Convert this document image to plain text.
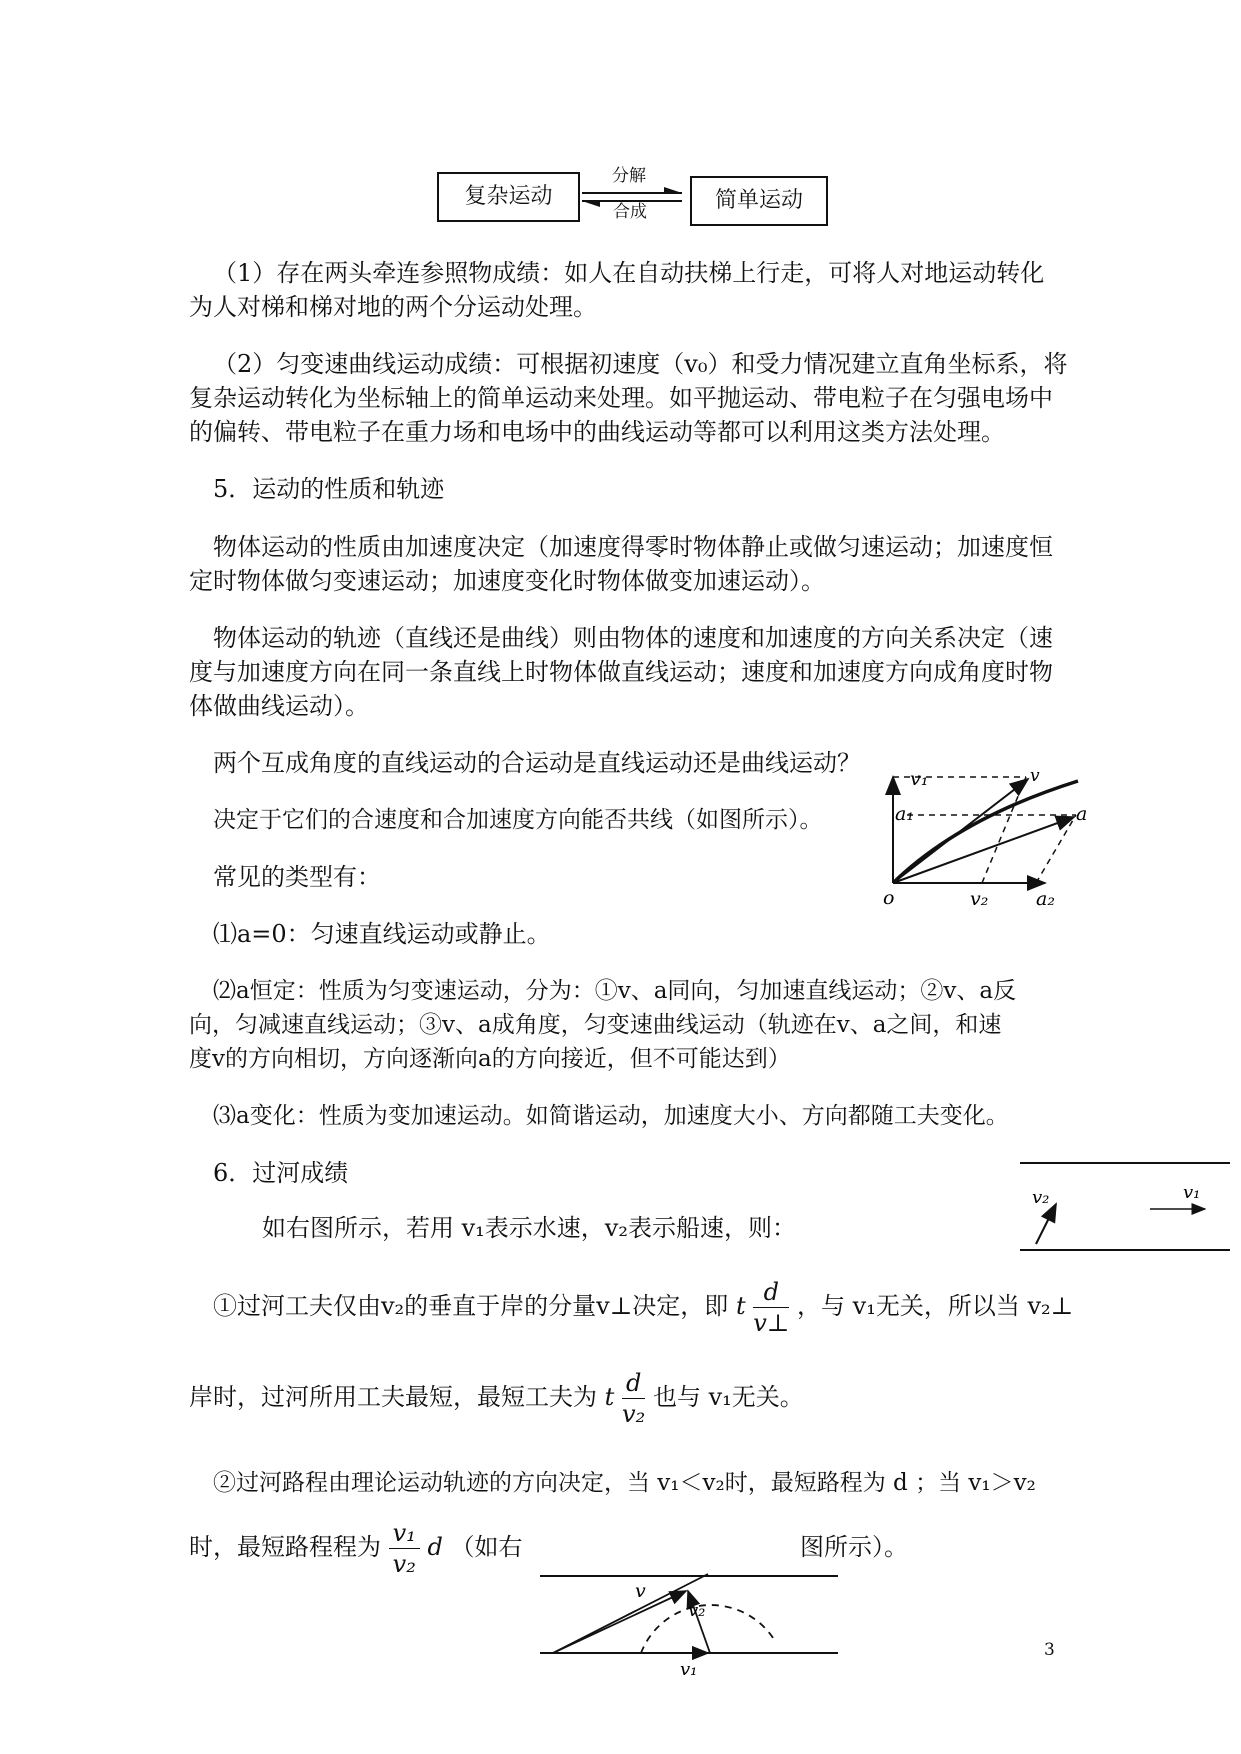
复杂运动	简单运动
分解
合成
（1）存在两头牵连参照物成绩：如人在自动扶梯上行走，可将人对地运动转化
为人对梯和梯对地的两个分运动处理。
（2）匀变速曲线运动成绩：可根据初速度（v₀）和受力情况建立直角坐标系，将
复杂运动转化为坐标轴上的简单运动来处理。如平抛运动、带电粒子在匀强电场中
的偏转、带电粒子在重力场和电场中的曲线运动等都可以利用这类方法处理。
5．运动的性质和轨迹
物体运动的性质由加速度决定（加速度得零时物体静止或做匀速运动；加速度恒
定时物体做匀变速运动；加速度变化时物体做变加速运动）。
物体运动的轨迹（直线还是曲线）则由物体的速度和加速度的方向关系决定（速
度与加速度方向在同一条直线上时物体做直线运动；速度和加速度方向成角度时物
体做曲线运动）。
两个互成角度的直线运动的合运动是直线运动还是曲线运动？
决定于它们的合速度和合加速度方向能否共线（如图所示）。
常见的类型有：
v₁	v
a₁	a
o	v₂	a₂
⑴a=0：匀速直线运动或静止。
⑵a恒定：性质为匀变速运动，分为：①v、a同向，匀加速直线运动；②v、a反
向，匀减速直线运动；③v、a成角度，匀变速曲线运动（轨迹在v、a之间，和速
度v的方向相切，方向逐渐向a的方向接近，但不可能达到）
⑶a变化：性质为变加速运动。如简谐运动，加速度大小、方向都随工夫变化。
6．过河成绩
如右图所示，若用 v₁表示水速，v₂表示船速，则：
v₂	v₁
①过河工夫仅由v₂的垂直于岸的分量v⊥决定，即 t $\frac{d}{v\perp}$ ，与 v₁无关，所以当 v₂⊥
岸时，过河所用工夫最短，最短工夫为 t $\frac{d}{\text{v₂}}$ 也与 v₁无关。
②过河路程由理论运动轨迹的方向决定，当 v₁＜v₂时，最短路程为 d ；当 v₁＞v₂
时，最短路程程为 $\frac{\text{v₁}}{\text{v₂}}$ d （如右	图所示）。
v
v₂
v₁
3
